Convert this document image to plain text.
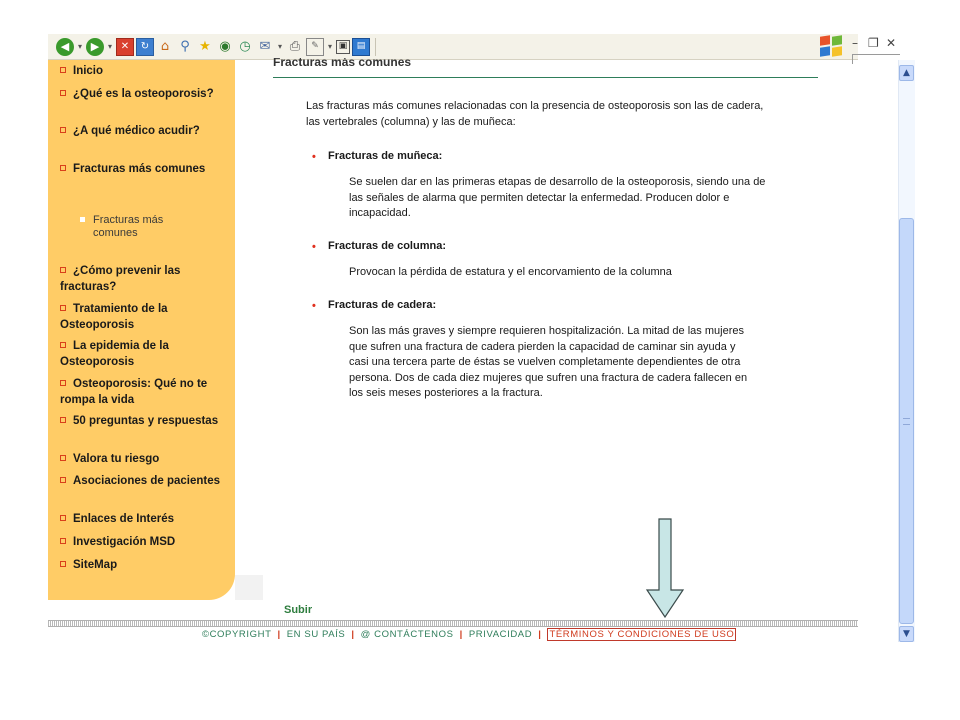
◀	▾ ▶	▾ ✕	↻ ⌂ ⚲ ★ ◉ ◷ ✉ ▾ ⎙	✎	▾ ▣	▤	– ❐ ✕
Inicio
¿Qué es la osteoporosis?
¿A qué médico acudir?
Fracturas más comunes
Fracturas más comunes
¿Cómo prevenir las fracturas?
Tratamiento de la Osteoporosis
La epidemia de la Osteoporosis
Osteoporosis: Qué no te rompa la vida
50 preguntas y respuestas
Valora tu riesgo
Asociaciones de pacientes
Enlaces de Interés
Investigación MSD
SiteMap
Fracturas más comunes
Las fracturas más comunes relacionadas con la presencia de osteoporosis son las de cadera, las vertebrales (columna) y las de muñeca:
• Fracturas de muñeca:
Se suelen dar en las primeras etapas de desarrollo de la osteoporosis, siendo una de las señales de alarma que permiten detectar la enfermedad. Producen dolor e incapacidad.
• Fracturas de columna:
Provocan la pérdida de estatura y el encorvamiento de la columna
• Fracturas de cadera:
Son las más graves y siempre requieren hospitalización. La mitad de las mujeres que sufren una fractura de cadera pierden la capacidad de caminar sin ayuda y casi una tercera parte de éstas se vuelven completamente dependientes de otra persona. Dos de cada diez mujeres que sufren una fractura de cadera fallecen en los seis meses posteriores a la fractura.
▲
▼
Subir
©COPYRIGHT | EN SU PAÍS | @ CONTÁCTENOS | PRIVACIDAD | TÉRMINOS Y CONDICIONES DE USO
